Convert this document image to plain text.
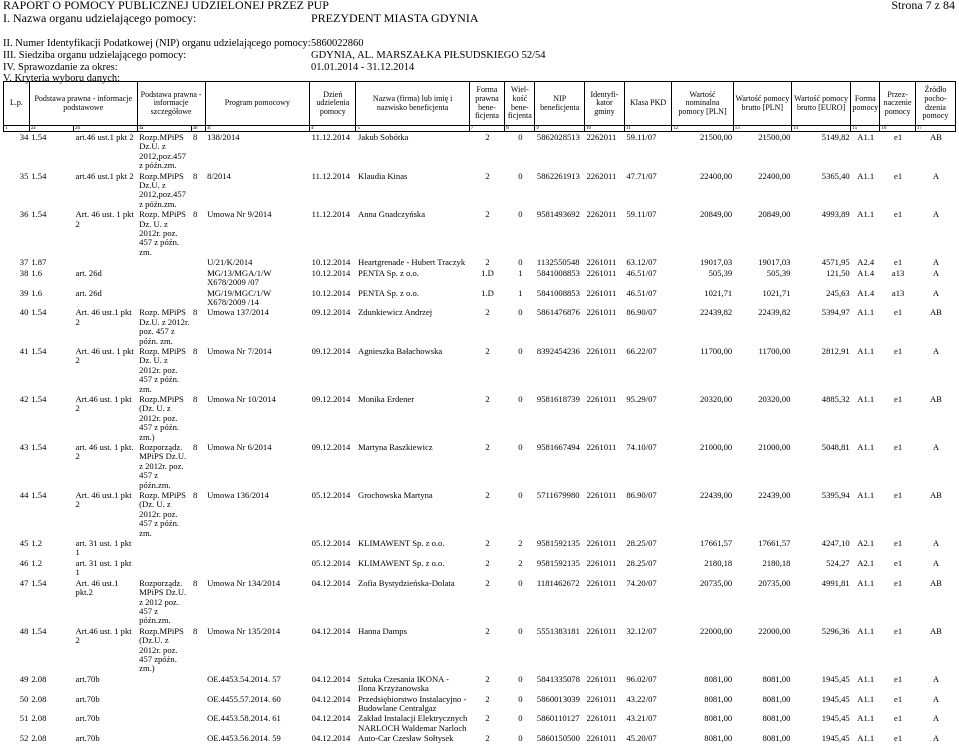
RAPORT O POMOCY PUBLICZNEJ UDZIELONEJ PRZEZ PUP	Strona 7 z 84
I. Nazwa organu udzielającego pomocy:	PREZYDENT MIASTA GDYNIA
II. Numer Identyfikacji Podatkowej (NIP) organu udzielającego pomocy: 5860022860
III. Siedziba organu udzielającego pomocy:	GDYNIA, AL. MARSZAŁKA PIŁSUDSKIEGO 52/54
IV. Sprawozdanie za okres:	01.01.2014 - 31.12.2014
V. Kryteria wyboru danych:
L.p.	Podstawa prawna - informacje podstawowe		Podstawa prawna - informacje szczegółowe		Program pomocowy	Dzień udzielenia pomocy	Nazwa (firma) lub imię i nazwisko beneficjenta	Forma prawna bene- ficjenta	Wiel- kość bene- ficjenta	NIP beneficjenta	Identyfi- kator gminy	Klasa PKD	Wartość nominalna pomocy [PLN]	Wartość pomocy brutto [PLN]	Wartość pomocy brutto [EURO]	Forma pomocy	Przez- naczenie pomocy	Źródło pocho- dzenia pomocy
1	2a	2b	3a	3b	3c	4	5		7	8	9	10	11	12	13	14	15	16	17
34	1.54	art.46 ust.1 pkt 2	Rozp.MPiPS Dz.U. z 2012,poz.457 z późn.zm.	8	138/2014	11.12.2014	Jakub Sobótka	2	0	5862028513	2262011	59.11/07	21500,00	21500,00	5149,82	A1.1	e1	AB
35	1.54	art.46 ust.1 pkt 2	Rozp.MPiPS Dz.U. z 2012,poz.457 z późn.zm.	8	8/2014	11.12.2014	Klaudia Kinas	2	0	5862261913	2262011	47.71/07	22400,00	22400,00	5365,40	A1.1	e1	A
36	1.54	Art. 46 ust. 1 pkt 2	Rozp. MPiPS Dz. U. z 2012r. poz. 457 z późn. zm.	8	Umowa Nr 9/2014	11.12.2014	Anna Gnadczyńska	2	0	9581493692	2262011	59.11/07	20849,00	20849,00	4993,89	A1.1	e1	A
37	1.87				U/21/K/2014	10.12.2014	Heartgrenade - Hubert Traczyk	2	0	1132550548	2261011	63.12/07	19017,03	19017,03	4571,95	A2.4	e1	A
38	1.6	art. 26d			MG/13/MGA/1/W X678/2009 /07	10.12.2014	PENTA Sp. z o.o.	1.D	1	5841008853	2261011	46.51/07	505,39	505,39	121,50	A1.4	a13	A
39	1.6	art. 26d			MG/19/MGC/1/W X678/2009 /14	10.12.2014	PENTA Sp. z o.o.	1.D	1	5841008853	2261011	46.51/07	1021,71	1021,71	245,63	A1.4	a13	A
40	1.54	Art. 46 ust.1 pkt 2	Rozp. MPiPS Dz.U. z 2012r. poz. 457 z późn. zm.	8	Umowa 137/2014	09.12.2014	Zdunkiewicz Andrzej	2	0	5861476876	2261011	86.90/07	22439,82	22439,82	5394,97	A1.1	e1	AB
41	1.54	Art. 46 ust. 1 pkt 2	Rozp. MPiPS Dz. U. z 2012r. poz. 457 z późn. zm.	8	Umowa Nr 7/2014	09.12.2014	Agnieszka Bałachowska	2	0	8392454236	2261011	66.22/07	11700,00	11700,00	2812,91	A1.1	e1	A
42	1.54	Art.46 ust. 1 pkt 2	Rozp.MPiPS (Dz. U. z 2012r. poz. 457 z późn. zm.)	8	Umowa Nr 10/2014	09.12.2014	Monika Erdener	2	0	9581618739	2261011	95.29/07	20320,00	20320,00	4885,32	A1.1	e1	AB
43	1.54	art. 46 ust. 1 pkt. 2	Rozporządz. MPiPS Dz.U. z 2012r. poz. 457 z późn.zm.	8	Umowa Nr 6/2014	09.12.2014	Martyna Raszkiewicz	2	0	9581667494	2261011	74.10/07	21000,00	21000,00	5048,81	A1.1	e1	A
44	1.54	Art. 46 ust.1 pkt 2	Rozp. MPiPS (Dz. U. z 2012r. poz. 457 z późn. zm.	8	Umowa 136/2014	05.12.2014	Grochowska Martyna	2	0	5711679980	2261011	86.90/07	22439,00	22439,00	5395,94	A1.1	e1	AB
45	1.2	art. 31 ust. 1 pkt 1				05.12.2014	KLIMAWENT Sp. z o.o.	2	2	9581592135	2261011	28.25/07	17661,57	17661,57	4247,10	A2.1	e1	A
46	1.2	art. 31 ust. 1 pkt 1				05.12.2014	KLIMAWENT Sp. z o.o.	2	2	9581592135	2261011	28.25/07	2180,18	2180,18	524,27	A2.1	e1	A
47	1.54	Art. 46 ust.1 pkt.2	Rozporządz. MPiPS Dz.U. z 2012 poz. 457 z późn.zm.	8	Umowa Nr 134/2014	04.12.2014	Zofia Bystydzieńska-Dolata	2	0	1181462672	2261011	74.20/07	20735,00	20735,00	4991,81	A1.1	e1	AB
48	1.54	Art.46 ust. 1 pkt 2	Rozp.MPiPS (Dz.U. z 2012r. poz. 457 zpóźn. zm.)	8	Umowa Nr 135/2014	04.12.2014	Hanna Damps	2	0	5551383181	2261011	32.12/07	22000,00	22000,00	5296,36	A1.1	e1	AB
49	2.08	art.70b			OE.4453.54.2014. 57	04.12.2014	Sztuka Czesania IKONA - Ilona Krzyżanowska	2	0	5841335078	2261011	96.02/07	8081,00	8081,00	1945,45	A1.1	e1	A
50	2.08	art.70b			OE.4455.57.2014. 60	04.12.2014	Przedsiębiorstwo Instalacyjno - Budowlane Centralgaz	2	0	5860013039	2261011	43.22/07	8081,00	8081,00	1945,45	A1.1	e1	A
51	2.08	art.70b			OE.4453.58.2014. 61	04.12.2014	Zakład Instalacji Elektrycznych NARLOCH Waldemar Narloch	2	0	5860110127	2261011	43.21/07	8081,00	8081,00	1945,45	A1.1	e1	A
52	2.08	art.70b			OE.4453.56.2014. 59	04.12.2014	Auto-Car Czesław Sołtysek	2	0	5860150500	2261011	45.20/07	8081,00	8081,00	1945,45	A1.1	e1	A
